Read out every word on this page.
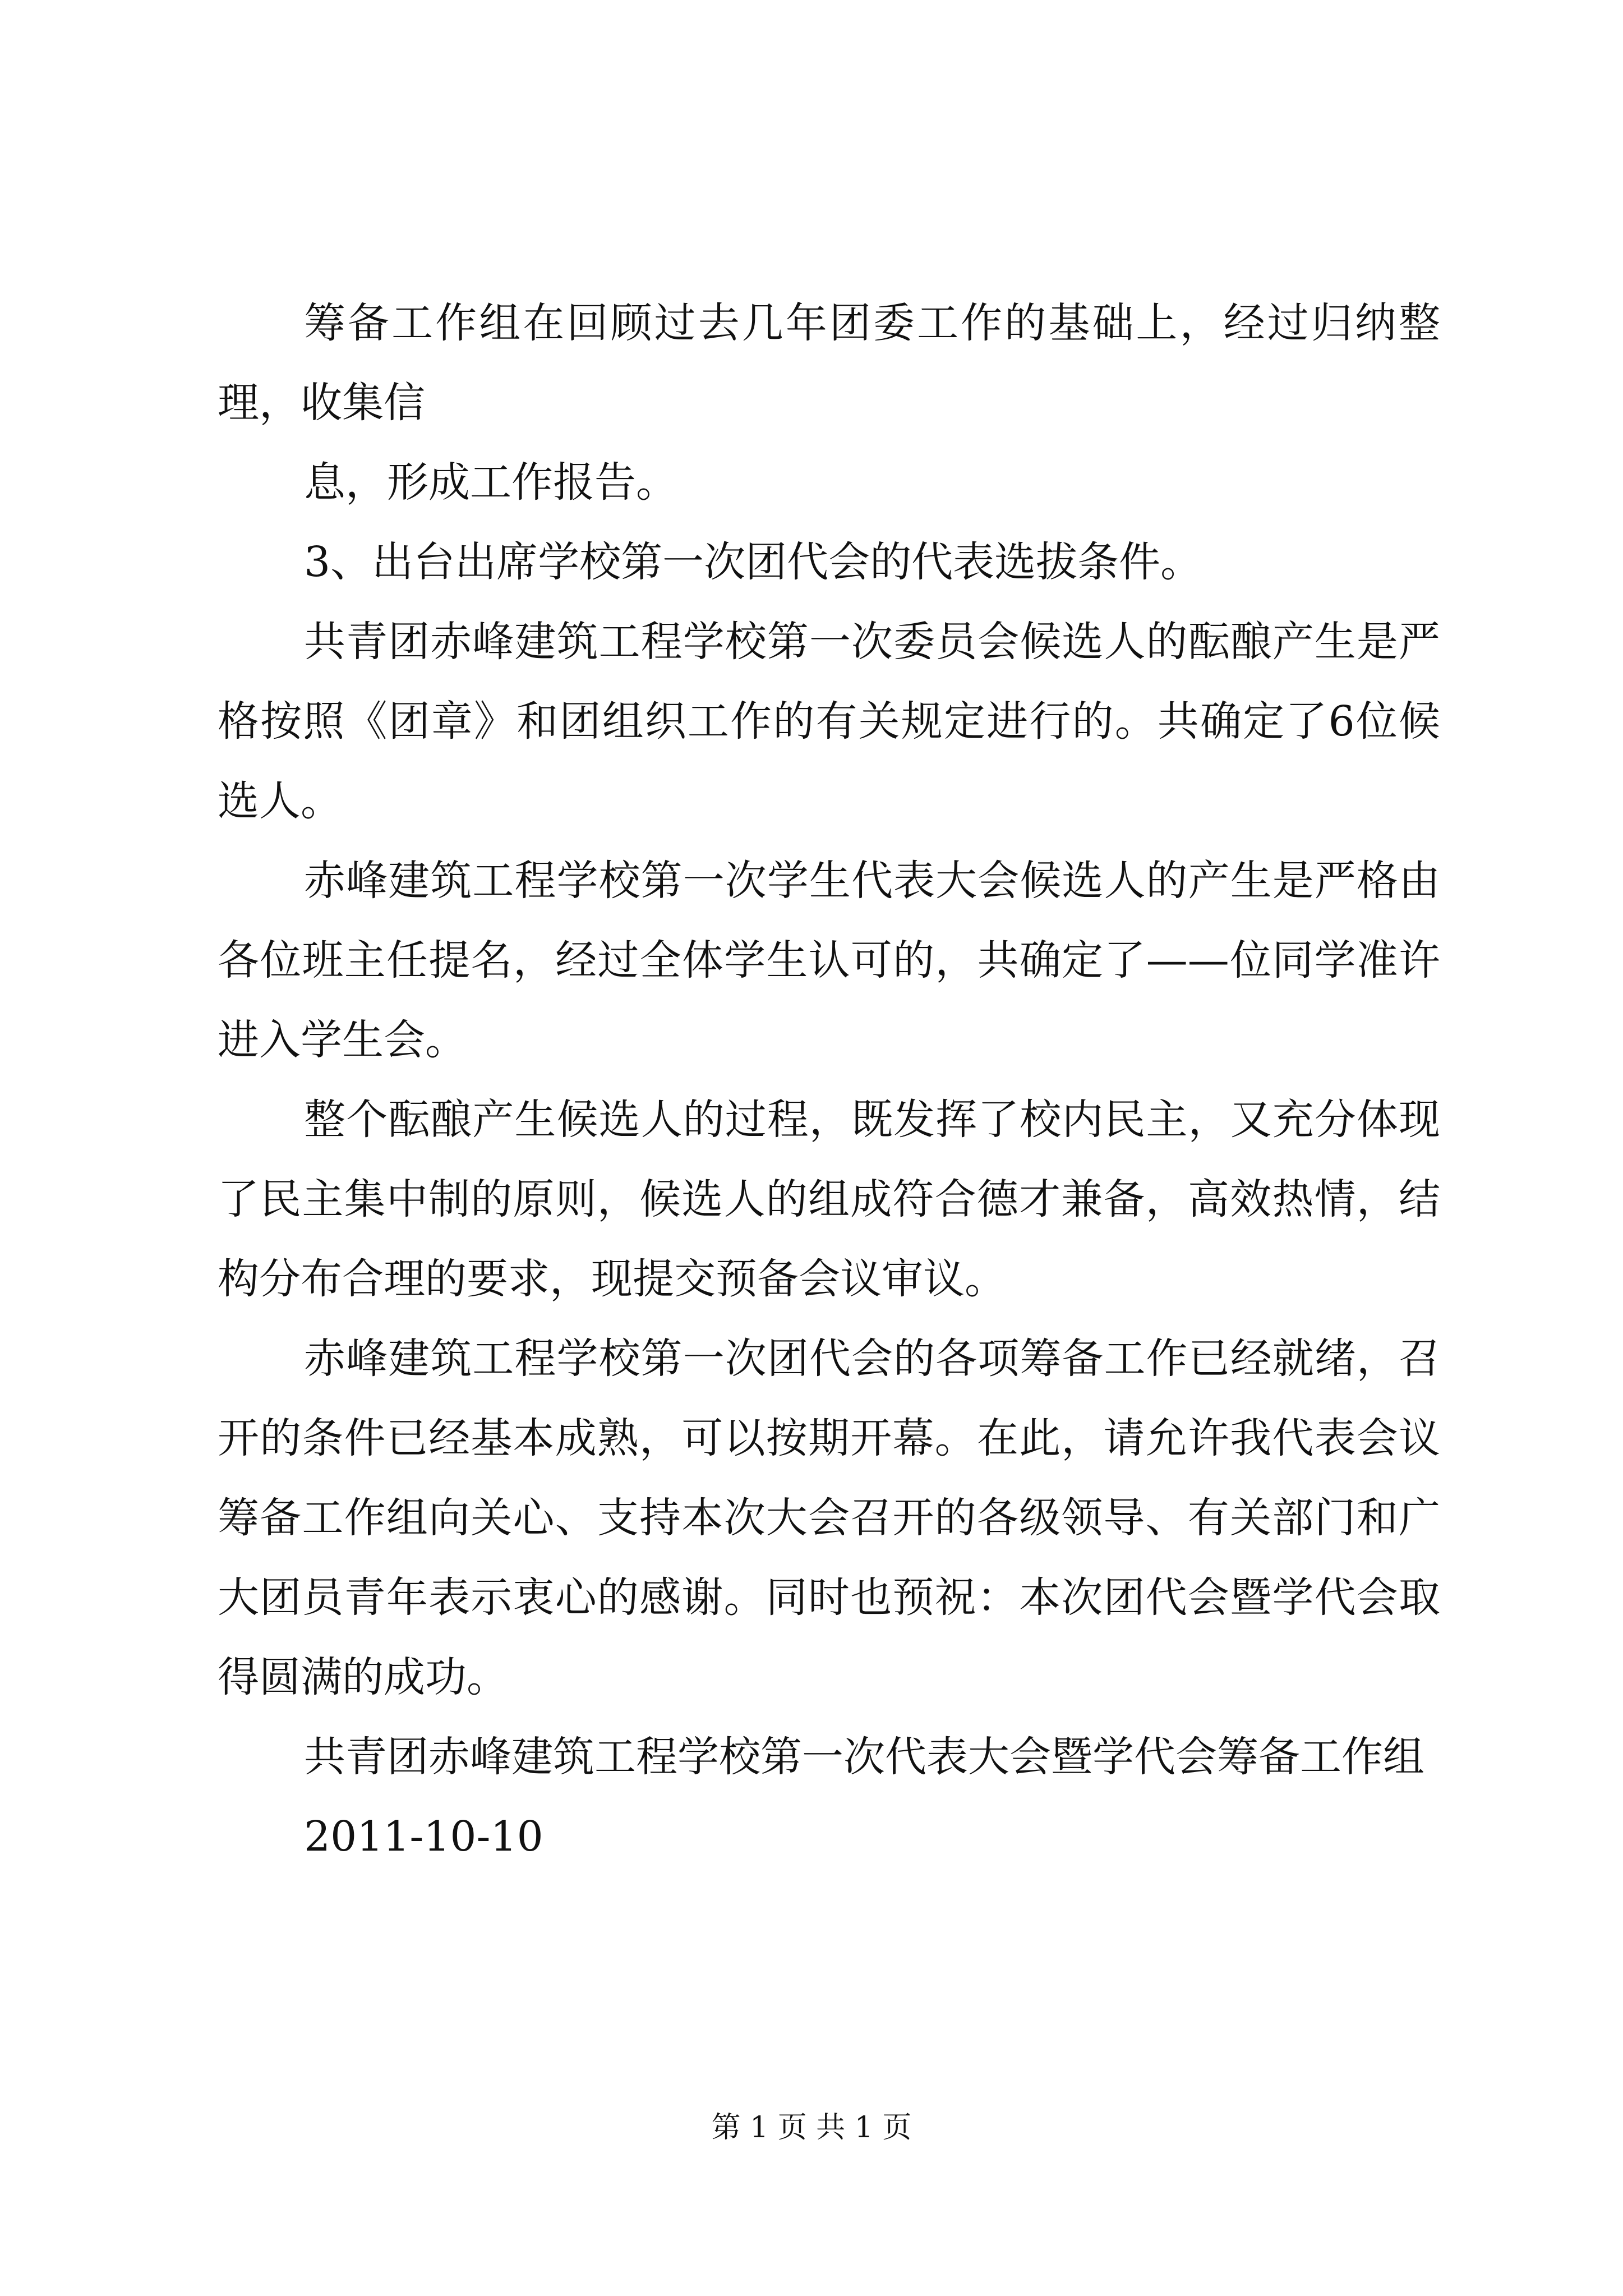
筹备工作组在回顾过去几年团委工作的基础上，经过归纳整理，收集信

息，形成工作报告。

3、出台出席学校第一次团代会的代表选拔条件。

共青团赤峰建筑工程学校第一次委员会候选人的酝酿产生是严格按照《团章》和团组织工作的有关规定进行的。共确定了6位候选人。

赤峰建筑工程学校第一次学生代表大会候选人的产生是严格由各位班主任提名，经过全体学生认可的，共确定了——位同学准许进入学生会。

整个酝酿产生候选人的过程，既发挥了校内民主，又充分体现了民主集中制的原则，候选人的组成符合德才兼备，高效热情，结构分布合理的要求，现提交预备会议审议。

赤峰建筑工程学校第一次团代会的各项筹备工作已经就绪，召开的条件已经基本成熟，可以按期开幕。在此，请允许我代表会议筹备工作组向关心、支持本次大会召开的各级领导、有关部门和广大团员青年表示衷心的感谢。同时也预祝：本次团代会暨学代会取得圆满的成功。

共青团赤峰建筑工程学校第一次代表大会暨学代会筹备工作组

2011-10-10

第 1 页 共 1 页
